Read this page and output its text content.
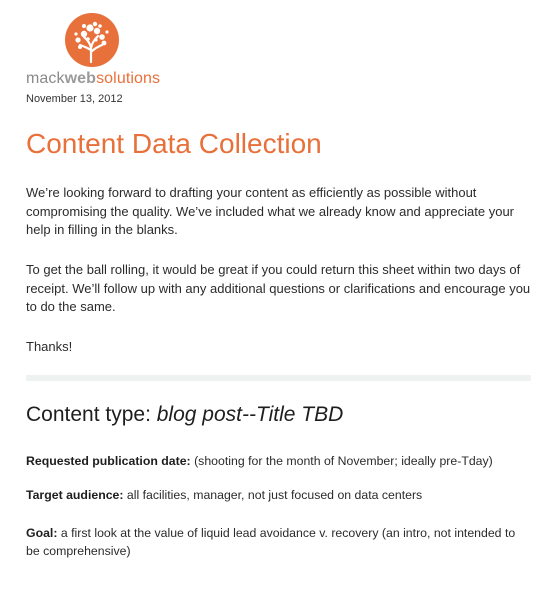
mackwebsolutions
November 13, 2012
Content Data Collection

We’re looking forward to drafting your content as efficiently as possible without compromising the quality. We’ve included what we already know and appreciate your help in filling in the blanks.

To get the ball rolling, it would be great if you could return this sheet within two days of receipt. We’ll follow up with any additional questions or clarifications and encourage you to do the same.

Thanks!

Content type: blog post--Title TBD

Requested publication date: (shooting for the month of November; ideally pre-Tday)

Target audience: all facilities, manager, not just focused on data centers

Goal: a first look at the value of liquid lead avoidance v. recovery (an intro, not intended to be comprehensive)
